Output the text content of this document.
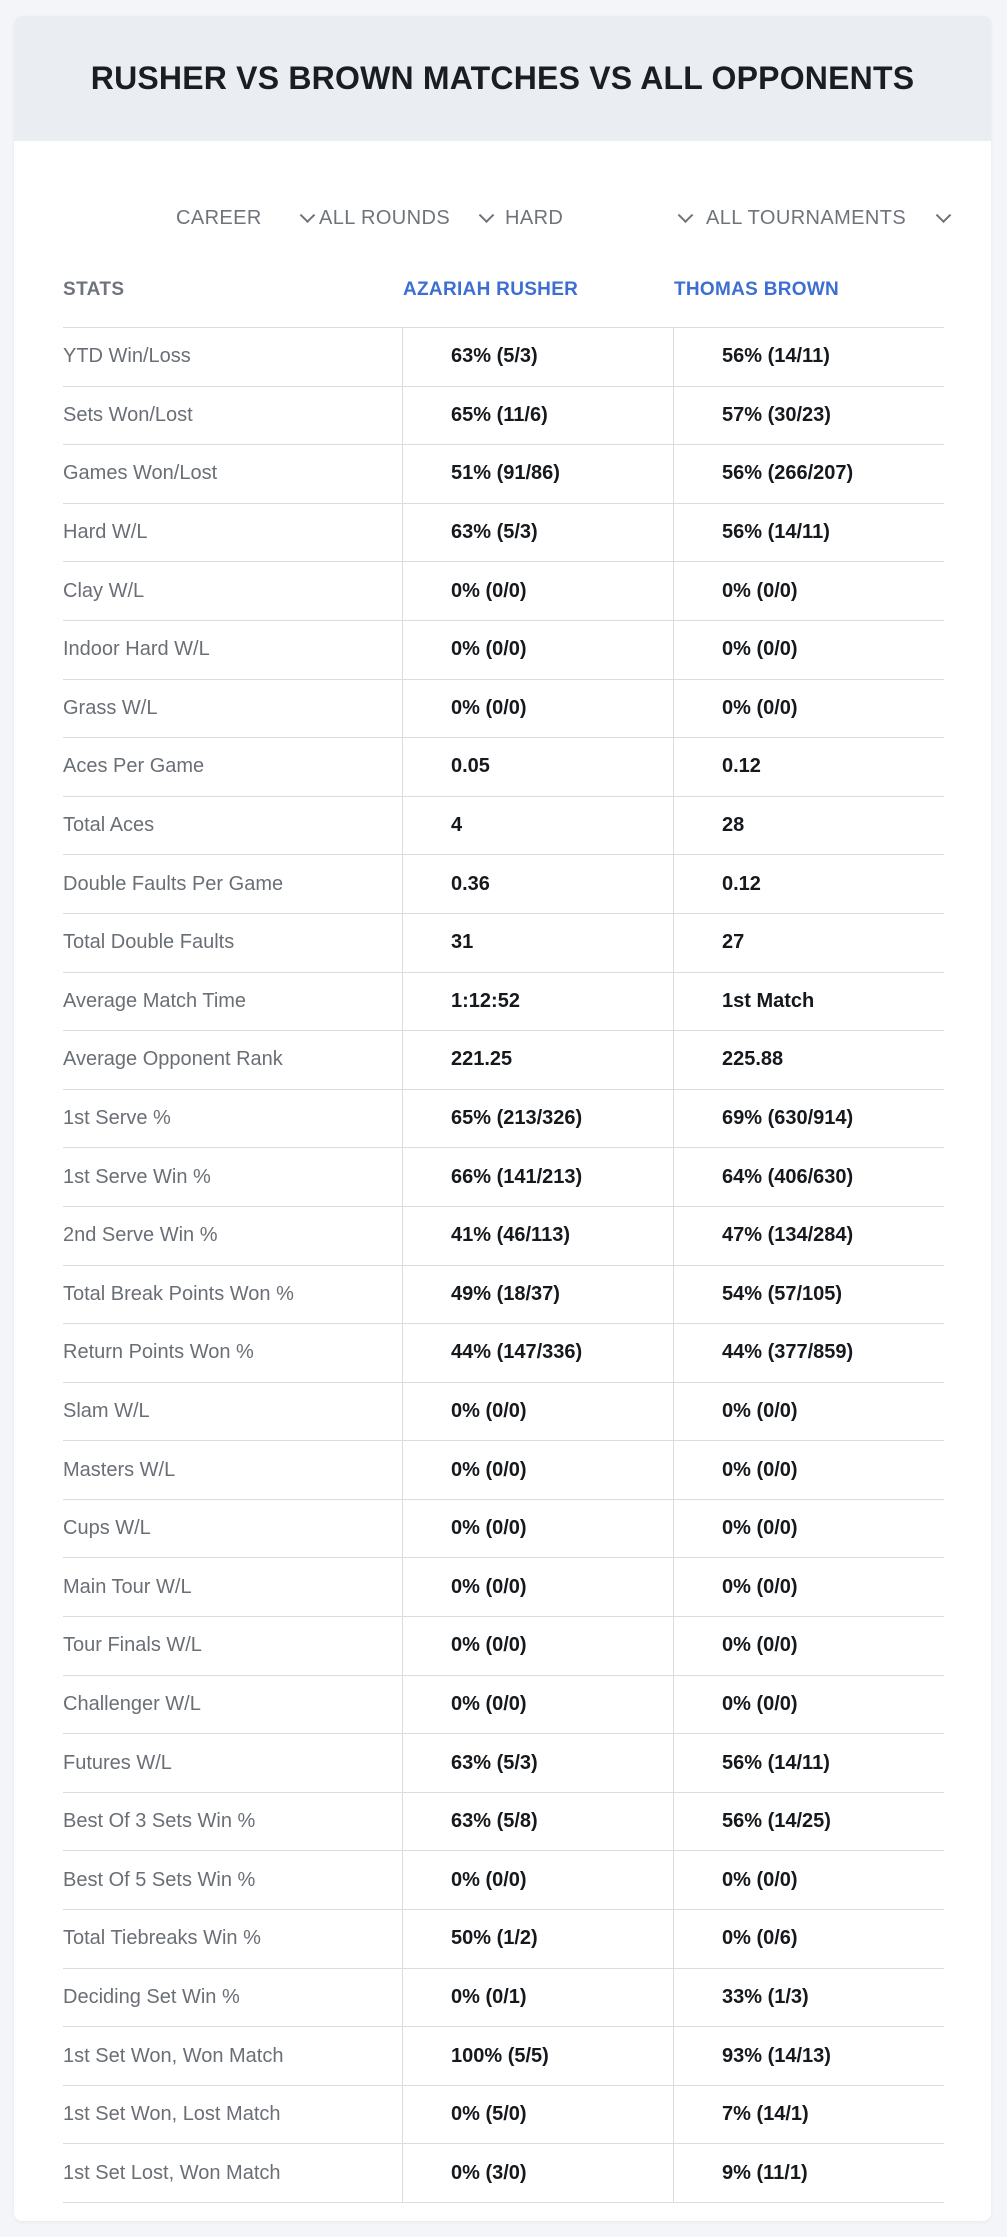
RUSHER VS BROWN MATCHES VS ALL OPPONENTS
CAREER	ALL ROUNDS	HARD	ALL TOURNAMENTS
STATS	AZARIAH RUSHER	THOMAS BROWN
YTD Win/Loss	63% (5/3)	56% (14/11)
Sets Won/Lost	65% (11/6)	57% (30/23)
Games Won/Lost	51% (91/86)	56% (266/207)
Hard W/L	63% (5/3)	56% (14/11)
Clay W/L	0% (0/0)	0% (0/0)
Indoor Hard W/L	0% (0/0)	0% (0/0)
Grass W/L	0% (0/0)	0% (0/0)
Aces Per Game	0.05	0.12
Total Aces	4	28
Double Faults Per Game	0.36	0.12
Total Double Faults	31	27
Average Match Time	1:12:52	1st Match
Average Opponent Rank	221.25	225.88
1st Serve %	65% (213/326)	69% (630/914)
1st Serve Win %	66% (141/213)	64% (406/630)
2nd Serve Win %	41% (46/113)	47% (134/284)
Total Break Points Won %	49% (18/37)	54% (57/105)
Return Points Won %	44% (147/336)	44% (377/859)
Slam W/L	0% (0/0)	0% (0/0)
Masters W/L	0% (0/0)	0% (0/0)
Cups W/L	0% (0/0)	0% (0/0)
Main Tour W/L	0% (0/0)	0% (0/0)
Tour Finals W/L	0% (0/0)	0% (0/0)
Challenger W/L	0% (0/0)	0% (0/0)
Futures W/L	63% (5/3)	56% (14/11)
Best Of 3 Sets Win %	63% (5/8)	56% (14/25)
Best Of 5 Sets Win %	0% (0/0)	0% (0/0)
Total Tiebreaks Win %	50% (1/2)	0% (0/6)
Deciding Set Win %	0% (0/1)	33% (1/3)
1st Set Won, Won Match	100% (5/5)	93% (14/13)
1st Set Won, Lost Match	0% (5/0)	7% (14/1)
1st Set Lost, Won Match	0% (3/0)	9% (11/1)
